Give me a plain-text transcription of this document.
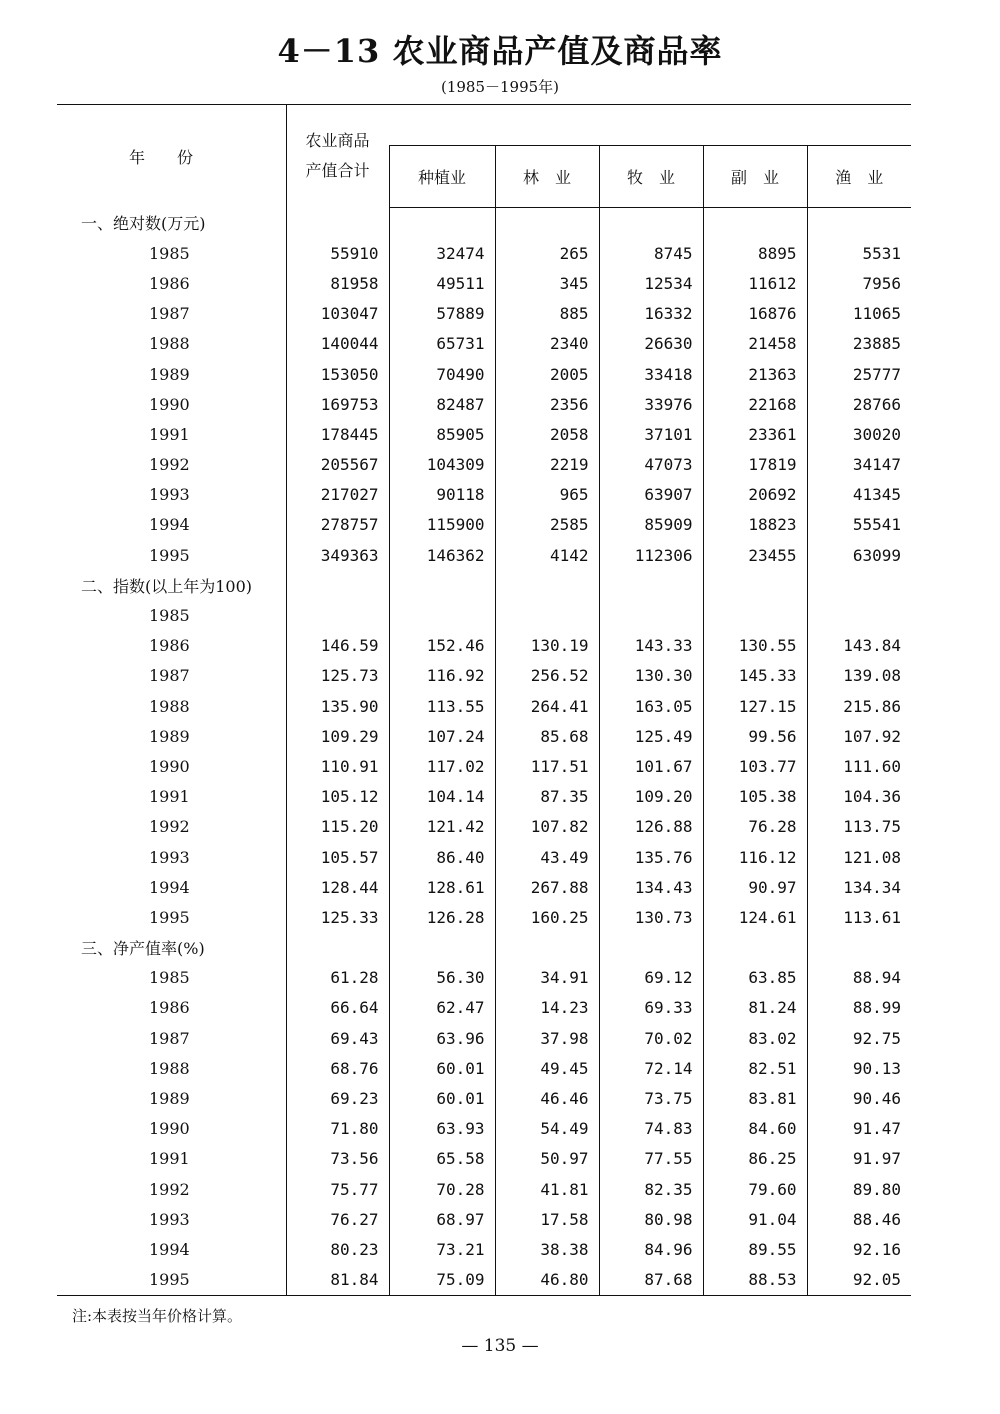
4－13 农业商品产值及商品率
(1985－1995年)
年　　份	农业商品
产值合计					

		种植业	林　业	牧　业	副　业	渔　业
一、绝对数(万元)						
1985	55910	32474	265	8745	8895	5531
1986	81958	49511	345	12534	11612	7956
1987	103047	57889	885	16332	16876	11065
1988	140044	65731	2340	26630	21458	23885
1989	153050	70490	2005	33418	21363	25777
1990	169753	82487	2356	33976	22168	28766
1991	178445	85905	2058	37101	23361	30020
1992	205567	104309	2219	47073	17819	34147
1993	217027	90118	965	63907	20692	41345
1994	278757	115900	2585	85909	18823	55541
1995	349363	146362	4142	112306	23455	63099
二、指数(以上年为100)						
1985						
1986	146.59	152.46	130.19	143.33	130.55	143.84
1987	125.73	116.92	256.52	130.30	145.33	139.08
1988	135.90	113.55	264.41	163.05	127.15	215.86
1989	109.29	107.24	85.68	125.49	99.56	107.92
1990	110.91	117.02	117.51	101.67	103.77	111.60
1991	105.12	104.14	87.35	109.20	105.38	104.36
1992	115.20	121.42	107.82	126.88	76.28	113.75
1993	105.57	86.40	43.49	135.76	116.12	121.08
1994	128.44	128.61	267.88	134.43	90.97	134.34
1995	125.33	126.28	160.25	130.73	124.61	113.61
三、净产值率(%)						
1985	61.28	56.30	34.91	69.12	63.85	88.94
1986	66.64	62.47	14.23	69.33	81.24	88.99
1987	69.43	63.96	37.98	70.02	83.02	92.75
1988	68.76	60.01	49.45	72.14	82.51	90.13
1989	69.23	60.01	46.46	73.75	83.81	90.46
1990	71.80	63.93	54.49	74.83	84.60	91.47
1991	73.56	65.58	50.97	77.55	86.25	91.97
1992	75.77	70.28	41.81	82.35	79.60	89.80
1993	76.27	68.97	17.58	80.98	91.04	88.46
1994	80.23	73.21	38.38	84.96	89.55	92.16
1995	81.84	75.09	46.80	87.68	88.53	92.05
注:本表按当年价格计算。
— 135 —
